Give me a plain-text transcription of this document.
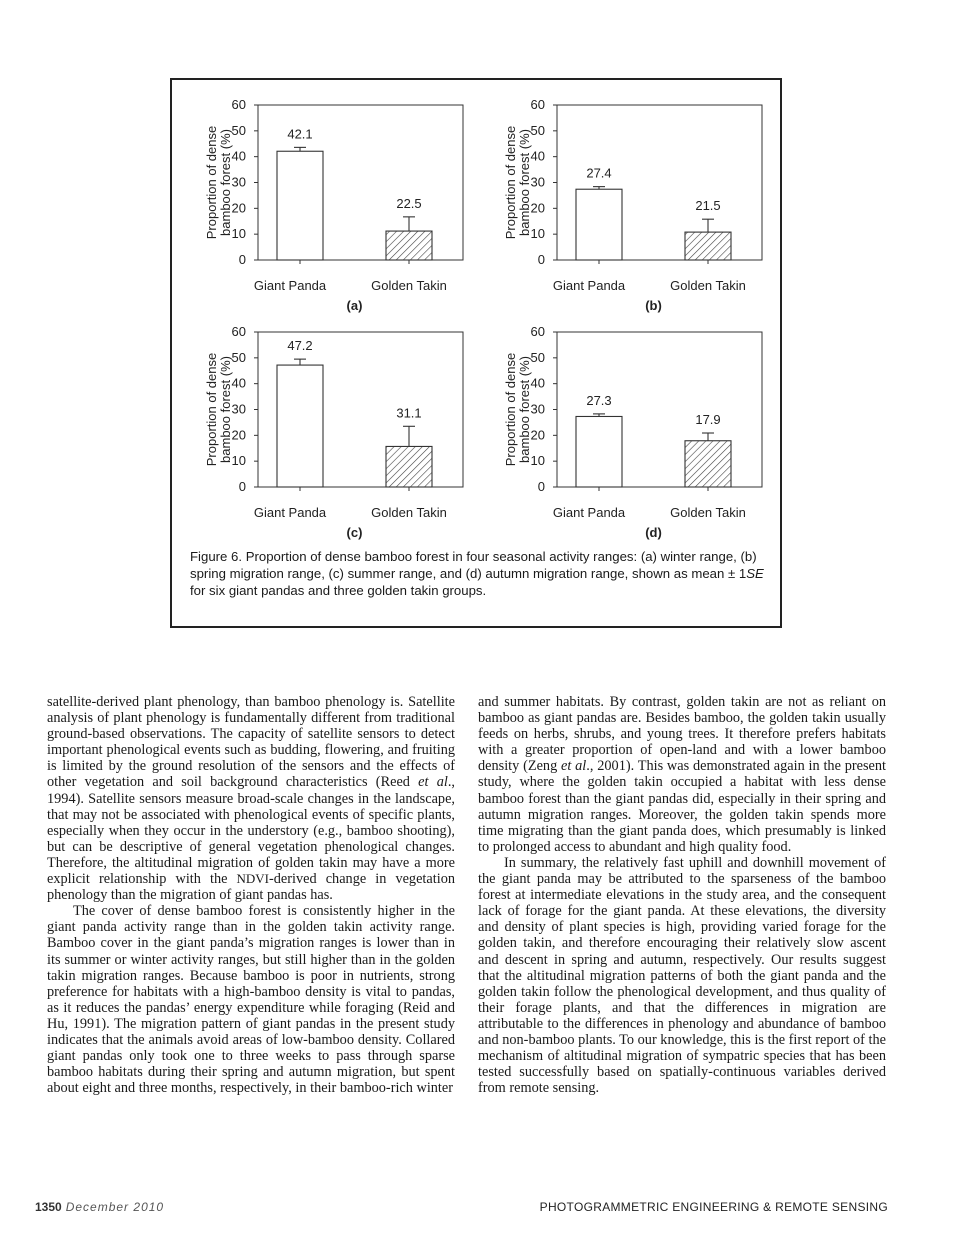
0
10
20
30
40
50
60
Proportion of densebamboo forest (%)	42.1
Giant Panda
22.5
Golden Takin
(a)
0
10
20
30
40
50
60
Proportion of densebamboo forest (%)	27.4
Giant Panda
21.5
Golden Takin
(b)
0
10
20
30
40
50
60
Proportion of densebamboo forest (%)
47.2
Giant Panda
31.1
Golden Takin
(c)
0
10
20
30
40
50
60
Proportion of densebamboo forest (%)	27.3
Giant Panda
17.9
Golden Takin
(d)
Figure 6. Proportion of dense bamboo forest in four seasonal activity ranges: (a) winter range, (b) spring migration range, (c) summer range, and (d) autumn migration range, shown as mean ± 1SE for six giant pandas and three golden takin groups.

satellite-derived plant phenology, than bamboo phenology is. Satellite analysis of plant phenology is fundamentally different from traditional ground-based observations. The capacity of satellite sensors to detect important phenological events such as budding, flowering, and fruiting is limited by the ground resolution of the sensors and the effects of other vegetation and soil background characteristics (Reed et al., 1994). Satellite sensors measure broad-scale changes in the landscape, that may not be associated with phenological events of specific plants, especially when they occur in the understory (e.g., bamboo shooting), but can be descriptive of general vegetation phenological changes. Therefore, the altitudinal migration of golden takin may have a more explicit relationship with the NDVI-derived change in vegetation phenology than the migration of giant pandas has.

The cover of dense bamboo forest is consistently higher in the giant panda activity range than in the golden takin activity range. Bamboo cover in the giant panda’s migration ranges is lower than in its summer or winter activity ranges, but still higher than in the golden takin migration ranges. Because bamboo is poor in nutrients, strong preference for habitats with a high-bamboo density is vital to pandas, as it reduces the pandas’ energy expenditure while foraging (Reid and Hu, 1991). The migration pattern of giant pandas in the present study indicates that the animals avoid areas of low-bamboo density. Collared giant pandas only took one to three weeks to pass through sparse bamboo habitats during their spring and autumn migration, but spent about eight and three months, respectively, in their bamboo-rich winter

and summer habitats. By contrast, golden takin are not as reliant on bamboo as giant pandas are. Besides bamboo, the golden takin usually feeds on herbs, shrubs, and young trees. It therefore prefers habitats with a greater proportion of open-land and with a lower bamboo density (Zeng et al., 2001). This was demonstrated again in the present study, where the golden takin occupied a habitat with less dense bamboo forest than the giant pandas did, especially in their spring and autumn migration ranges. Moreover, the golden takin spends more time migrating than the giant panda does, which presumably is linked to prolonged access to abundant and high quality food.

In summary, the relatively fast uphill and downhill movement of the giant panda may be attributed to the sparseness of the bamboo forest at intermediate elevations in the study area, and the consequent lack of forage for the giant panda. At these elevations, the diversity and density of plant species is high, providing varied forage for the golden takin, and therefore encouraging their relatively slow ascent and descent in spring and autumn, respectively. Our results suggest that the altitudinal migration patterns of both the giant panda and the golden takin follow the phenological development, and thus quality of their forage plants, and that the differences in migration are attributable to the differences in phenology and abundance of bamboo and non-bamboo plants. To our knowledge, this is the first report of the mechanism of altitudinal migration of sympatric species that has been tested successfully based on spatially-continuous variables derived from remote sensing.

1350 December 2010	PHOTOGRAMMETRIC ENGINEERING & REMOTE SENSING
